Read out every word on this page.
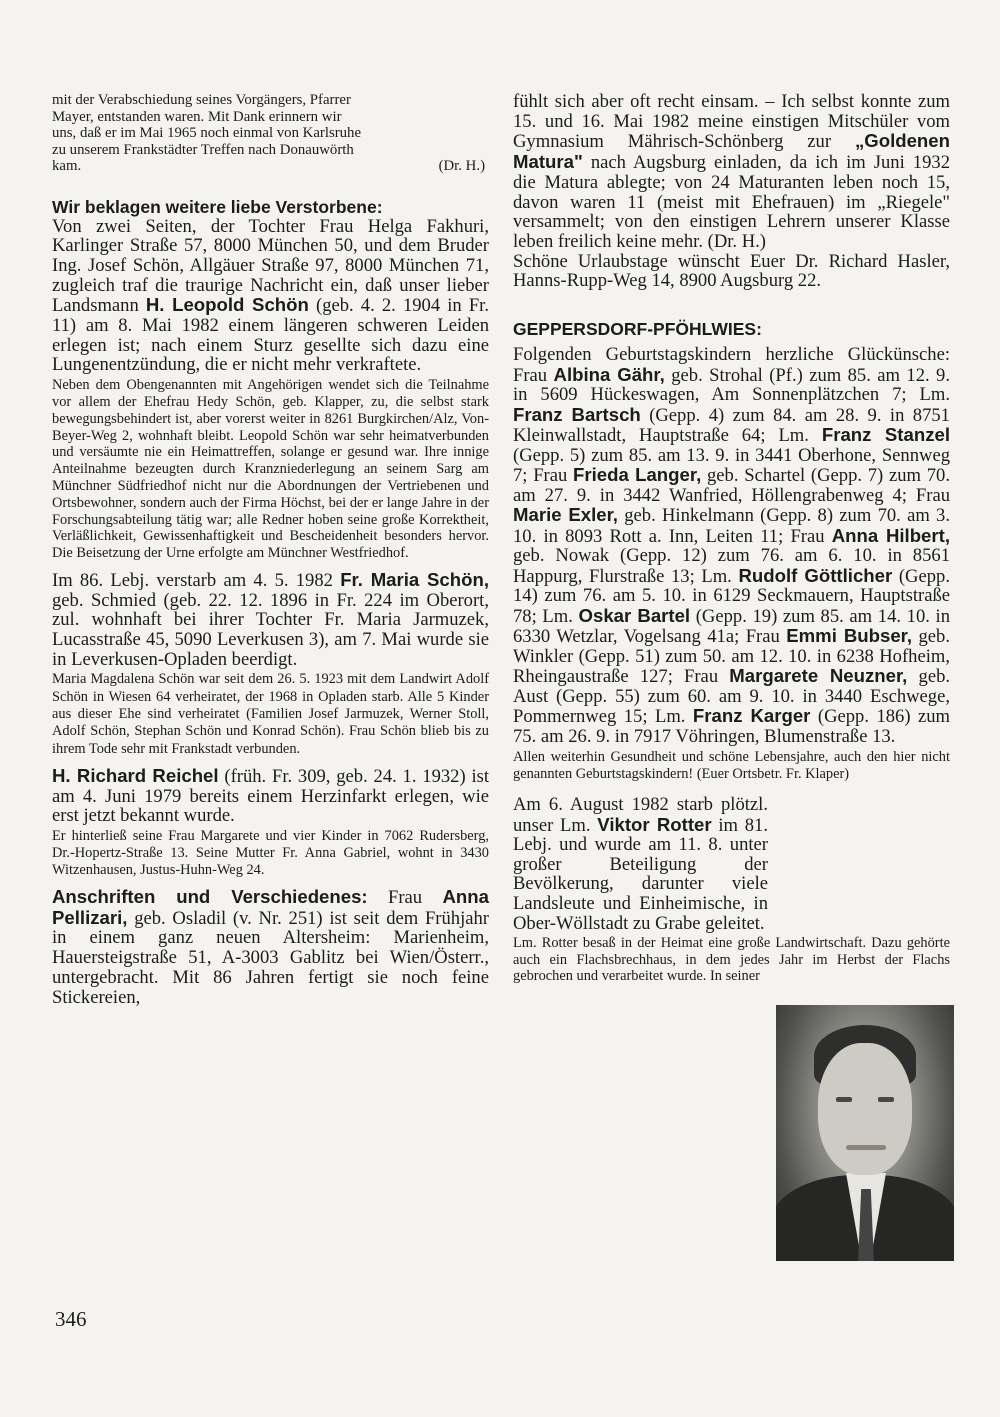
mit der Verabschiedung seines Vorgängers, Pfarrer
Mayer, entstanden waren. Mit Dank erinnern wir
uns, daß er im Mai 1965 noch einmal von Karlsruhe
zu unserem Frankstädter Treffen nach Donauwörth
kam.	(Dr. H.)

Wir beklagen weitere liebe Verstorbene:

Von zwei Seiten, der Tochter Frau Helga Fakhuri, Karlinger Straße 57, 8000 München 50, und dem Bruder Ing. Josef Schön, Allgäuer Straße 97, 8000 München 71, zugleich traf die traurige Nachricht ein, daß unser lieber Landsmann H. Leopold Schön (geb. 4. 2. 1904 in Fr. 11) am 8. Mai 1982 einem längeren schweren Leiden erlegen ist; nach einem Sturz gesellte sich dazu eine Lungenentzündung, die er nicht mehr verkraftete.

Neben dem Obengenannten mit Angehörigen wendet sich die Teilnahme vor allem der Ehefrau Hedy Schön, geb. Klapper, zu, die selbst stark bewegungsbehindert ist, aber vorerst weiter in 8261 Burgkirchen/Alz, Von-Beyer-Weg 2, wohnhaft bleibt. Leopold Schön war sehr heimatverbunden und versäumte nie ein Heimattreffen, solange er gesund war. Ihre innige Anteilnahme bezeugten durch Kranzniederlegung an seinem Sarg am Münchner Südfriedhof nicht nur die Abordnungen der Vertriebenen und Ortsbewohner, sondern auch der Firma Höchst, bei der er lange Jahre in der Forschungsabteilung tätig war; alle Redner hoben seine große Korrektheit, Verläßlichkeit, Gewissenhaftigkeit und Bescheidenheit besonders hervor. Die Beisetzung der Urne erfolgte am Münchner Westfriedhof.

Im 86. Lebj. verstarb am 4. 5. 1982 Fr. Maria Schön, geb. Schmied (geb. 22. 12. 1896 in Fr. 224 im Oberort, zul. wohnhaft bei ihrer Tochter Fr. Maria Jarmuzek, Lucasstraße 45, 5090 Leverkusen 3), am 7. Mai wurde sie in Leverkusen-Opladen beerdigt.

Maria Magdalena Schön war seit dem 26. 5. 1923 mit dem Landwirt Adolf Schön in Wiesen 64 verheiratet, der 1968 in Opladen starb. Alle 5 Kinder aus dieser Ehe sind verheiratet (Familien Josef Jarmuzek, Werner Stoll, Adolf Schön, Stephan Schön und Konrad Schön). Frau Schön blieb bis zu ihrem Tode sehr mit Frankstadt verbunden.

H. Richard Reichel (früh. Fr. 309, geb. 24. 1. 1932) ist am 4. Juni 1979 bereits einem Herzinfarkt erlegen, wie erst jetzt bekannt wurde.

Er hinterließ seine Frau Margarete und vier Kinder in 7062 Rudersberg, Dr.-Hopertz-Straße 13. Seine Mutter Fr. Anna Gabriel, wohnt in 3430 Witzenhausen, Justus-Huhn-Weg 24.

Anschriften und Verschiedenes: Frau Anna Pellizari, geb. Osladil (v. Nr. 251) ist seit dem Frühjahr in einem ganz neuen Altersheim: Marienheim, Hauersteigstraße 51, A-3003 Gablitz bei Wien/Österr., untergebracht. Mit 86 Jahren fertigt sie noch feine Stickereien,

fühlt sich aber oft recht einsam. – Ich selbst konnte zum 15. und 16. Mai 1982 meine einstigen Mitschüler vom Gymnasium Mährisch-Schönberg zur „Goldenen Matura" nach Augsburg einladen, da ich im Juni 1932 die Matura ablegte; von 24 Maturanten leben noch 15, davon waren 11 (meist mit Ehefrauen) im „Riegele" versammelt; von den einstigen Lehrern unserer Klasse leben freilich keine mehr. (Dr. H.)

Schöne Urlaubstage wünscht Euer Dr. Richard Hasler, Hanns-Rupp-Weg 14, 8900 Augsburg 22.

GEPPERSDORF-PFÖHLWIES:

Folgenden Geburtstagskindern herzliche Glückünsche: Frau Albina Gähr, geb. Strohal (Pf.) zum 85. am 12. 9. in 5609 Hückeswagen, Am Sonnenplätzchen 7; Lm. Franz Bartsch (Gepp. 4) zum 84. am 28. 9. in 8751 Kleinwallstadt, Hauptstraße 64; Lm. Franz Stanzel (Gepp. 5) zum 85. am 13. 9. in 3441 Oberhone, Sennweg 7; Frau Frieda Langer, geb. Schartel (Gepp. 7) zum 70. am 27. 9. in 3442 Wanfried, Höllengrabenweg 4; Frau Marie Exler, geb. Hinkelmann (Gepp. 8) zum 70. am 3. 10. in 8093 Rott a. Inn, Leiten 11; Frau Anna Hilbert, geb. Nowak (Gepp. 12) zum 76. am 6. 10. in 8561 Happurg, Flurstraße 13; Lm. Rudolf Göttlicher (Gepp. 14) zum 76. am 5. 10. in 6129 Seckmauern, Hauptstraße 78; Lm. Oskar Bartel (Gepp. 19) zum 85. am 14. 10. in 6330 Wetzlar, Vogelsang 41a; Frau Emmi Bubser, geb. Winkler (Gepp. 51) zum 50. am 12. 10. in 6238 Hofheim, Rheingaustraße 127; Frau Margarete Neuzner, geb. Aust (Gepp. 55) zum 60. am 9. 10. in 3440 Eschwege, Pommernweg 15; Lm. Franz Karger (Gepp. 186) zum 75. am 26. 9. in 7917 Vöhringen, Blumenstraße 13.

Allen weiterhin Gesundheit und schöne Lebensjahre, auch den hier nicht genannten Geburtstagskindern! (Euer Ortsbetr. Fr. Klaper)

Am 6. August 1982 starb plötzl. unser Lm. Viktor Rotter im 81. Lebj. und wurde am 11. 8. unter großer Beteiligung der Bevölkerung, darunter viele Landsleute und Einheimische, in Ober-Wöllstadt zu Grabe geleitet.

Lm. Rotter besaß in der Heimat eine große Landwirtschaft. Dazu gehörte auch ein Flachsbrechhaus, in dem jedes Jahr im Herbst der Flachs gebrochen und verarbeitet wurde. In seiner

346
